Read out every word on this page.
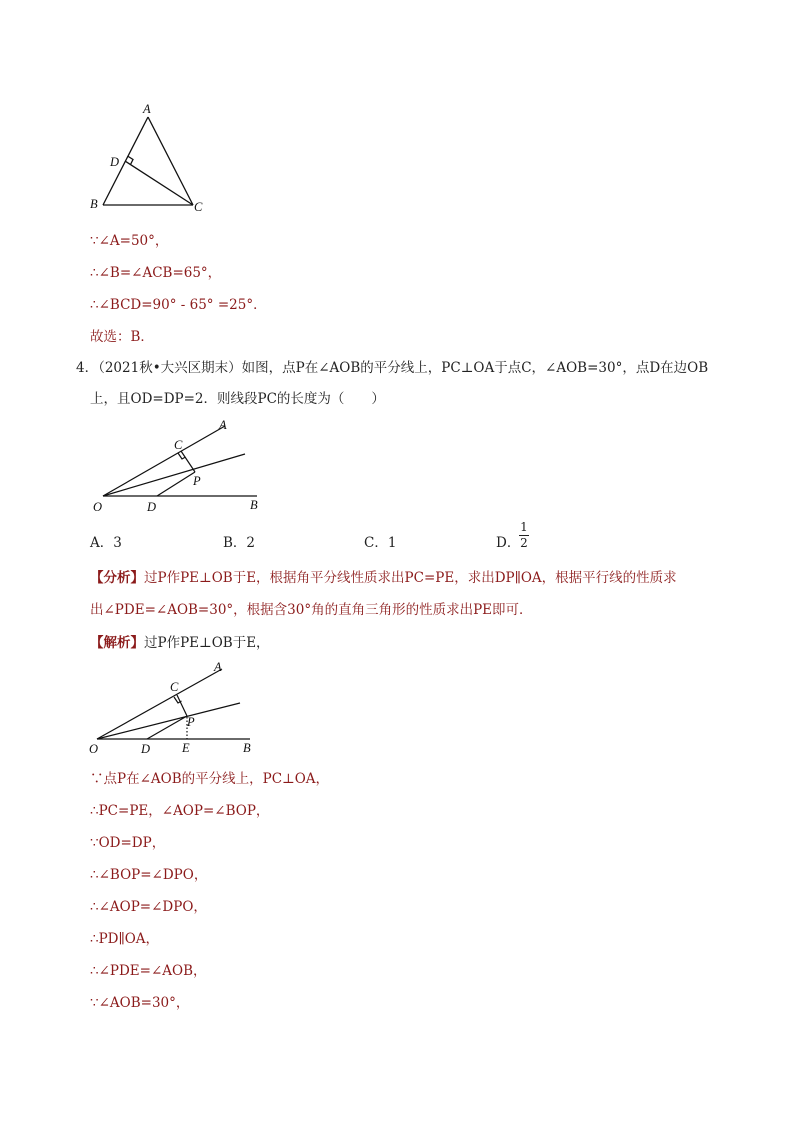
A
D
B	C
∵∠A=50°，
∴∠B=∠ACB=65°，
∴∠BCD=90° - 65° =25°．
故选：B．
4．（2021秋•大兴区期末）如图，点P在∠AOB的平分线上，PC⊥OA于点C，∠AOB=30°，点D在边OB
上，且OD=DP=2．则线段PC的长度为（　　）
A
C
P
O	D	B
A．3	B．2	C．1	D．
1
2
【分析】过P作PE⊥OB于E，根据角平分线性质求出PC=PE，求出DP∥OA，根据平行线的性质求
出∠PDE=∠AOB=30°，根据含30°角的直角三角形的性质求出PE即可．
【解析】过P作PE⊥OB于E，
A
C
P
O	D	E	B
∵点P在∠AOB的平分线上，PC⊥OA，
∴PC=PE，∠AOP=∠BOP，
∵OD=DP，
∴∠BOP=∠DPO，
∴∠AOP=∠DPO，
∴PD∥OA，
∴∠PDE=∠AOB，
∵∠AOB=30°，
